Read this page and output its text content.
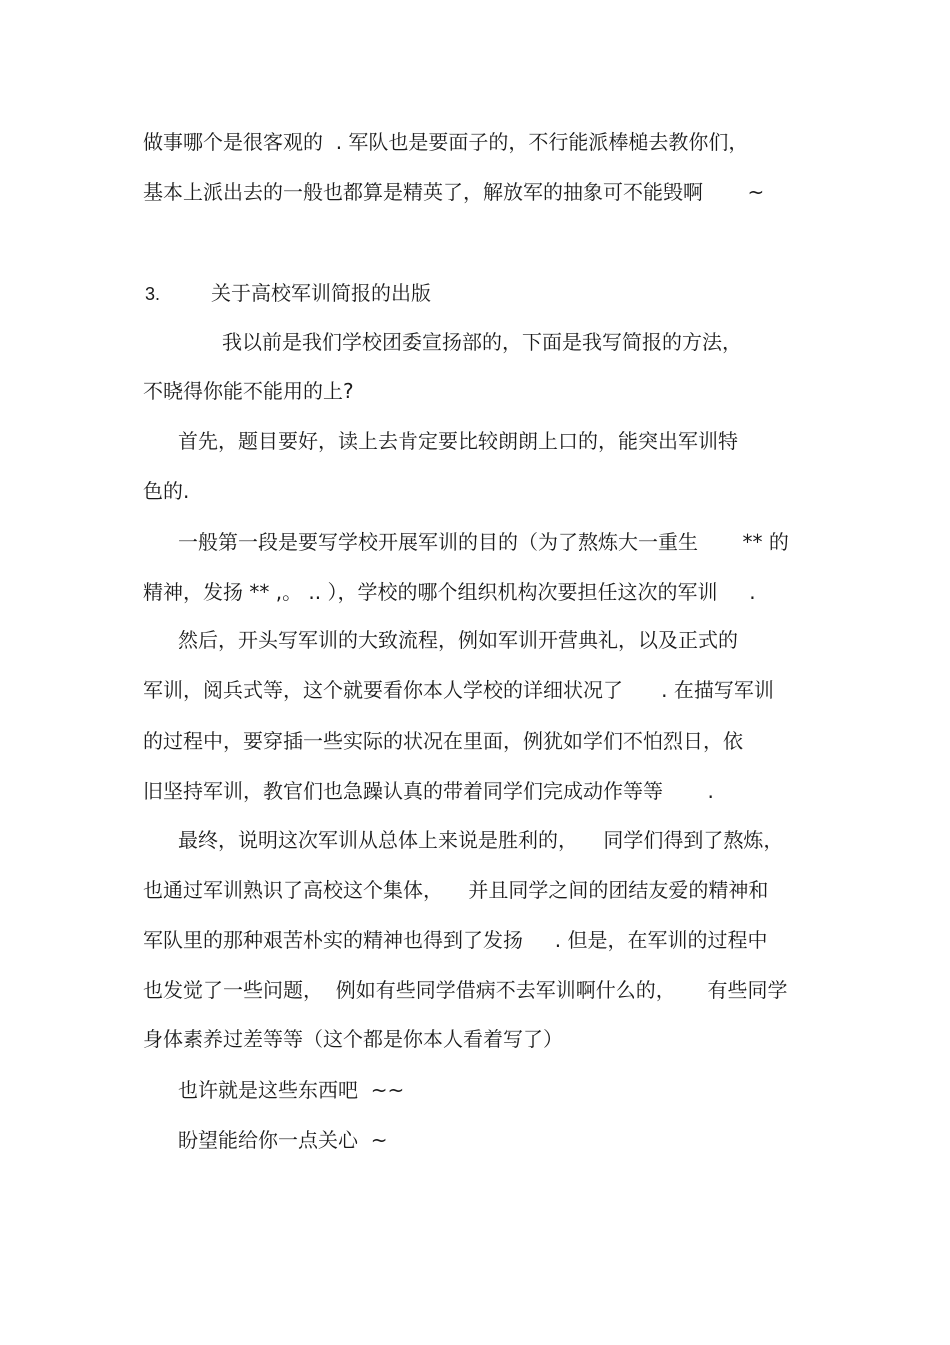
做事哪个是很客观的  . 军队也是要面子的，不行能派棒槌去教你们，

基本上派出去的一般也都算是精英了，解放军的抽象可不能毁啊       ~

3.	关于高校军训简报的出版

我以前是我们学校团委宣扬部的，下面是我写简报的方法，

不晓得你能不能用的上?

首先，题目要好，读上去肯定要比较朗朗上口的，能突出军训特

色的.

一般第一段是要写学校开展军训的目的（为了熬炼大一重生       ** 的

精神，发扬 ** ,。 .. ），学校的哪个组织机构次要担任这次的军训     .

然后，开头写军训的大致流程，例如军训开营典礼，以及正式的

军训，阅兵式等，这个就要看你本人学校的详细状况了      . 在描写军训

的过程中，要穿插一些实际的状况在里面，例犹如学们不怕烈日，依

旧坚持军训，教官们也急躁认真的带着同学们完成动作等等       .

最终，说明这次军训从总体上来说是胜利的，    同学们得到了熬炼，

也通过军训熟识了高校这个集体，    并且同学之间的团结友爱的精神和

军队里的那种艰苦朴实的精神也得到了发扬     . 但是，在军训的过程中

也发觉了一些问题，  例如有些同学借病不去军训啊什么的，     有些同学

身体素养过差等等（这个都是你本人看着写了）

也许就是这些东西吧  ~~

盼望能给你一点关心  ~
